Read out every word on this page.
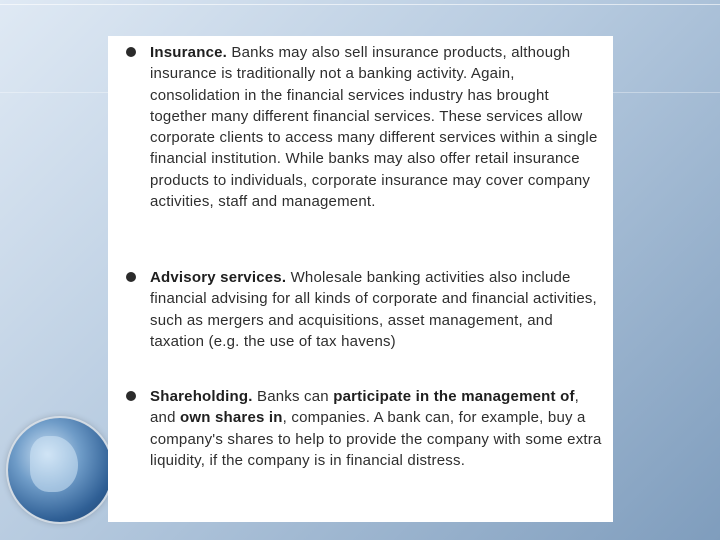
Insurance. Banks may also sell insurance products, although insurance is traditionally not a banking activity. Again, consolidation in the financial services industry has brought together many different financial services. These services allow corporate clients to access many different services within a single financial institution. While banks may also offer retail insurance products to individuals, corporate insurance may cover company activities, staff and management.
Advisory services. Wholesale banking activities also include financial advising for all kinds of corporate and financial activities, such as mergers and acquisitions, asset management, and taxation (e.g. the use of tax havens)
Shareholding. Banks can participate in the management of, and own shares in, companies. A bank can, for example, buy a company's shares to help to provide the company with some extra liquidity, if the company is in financial distress.
